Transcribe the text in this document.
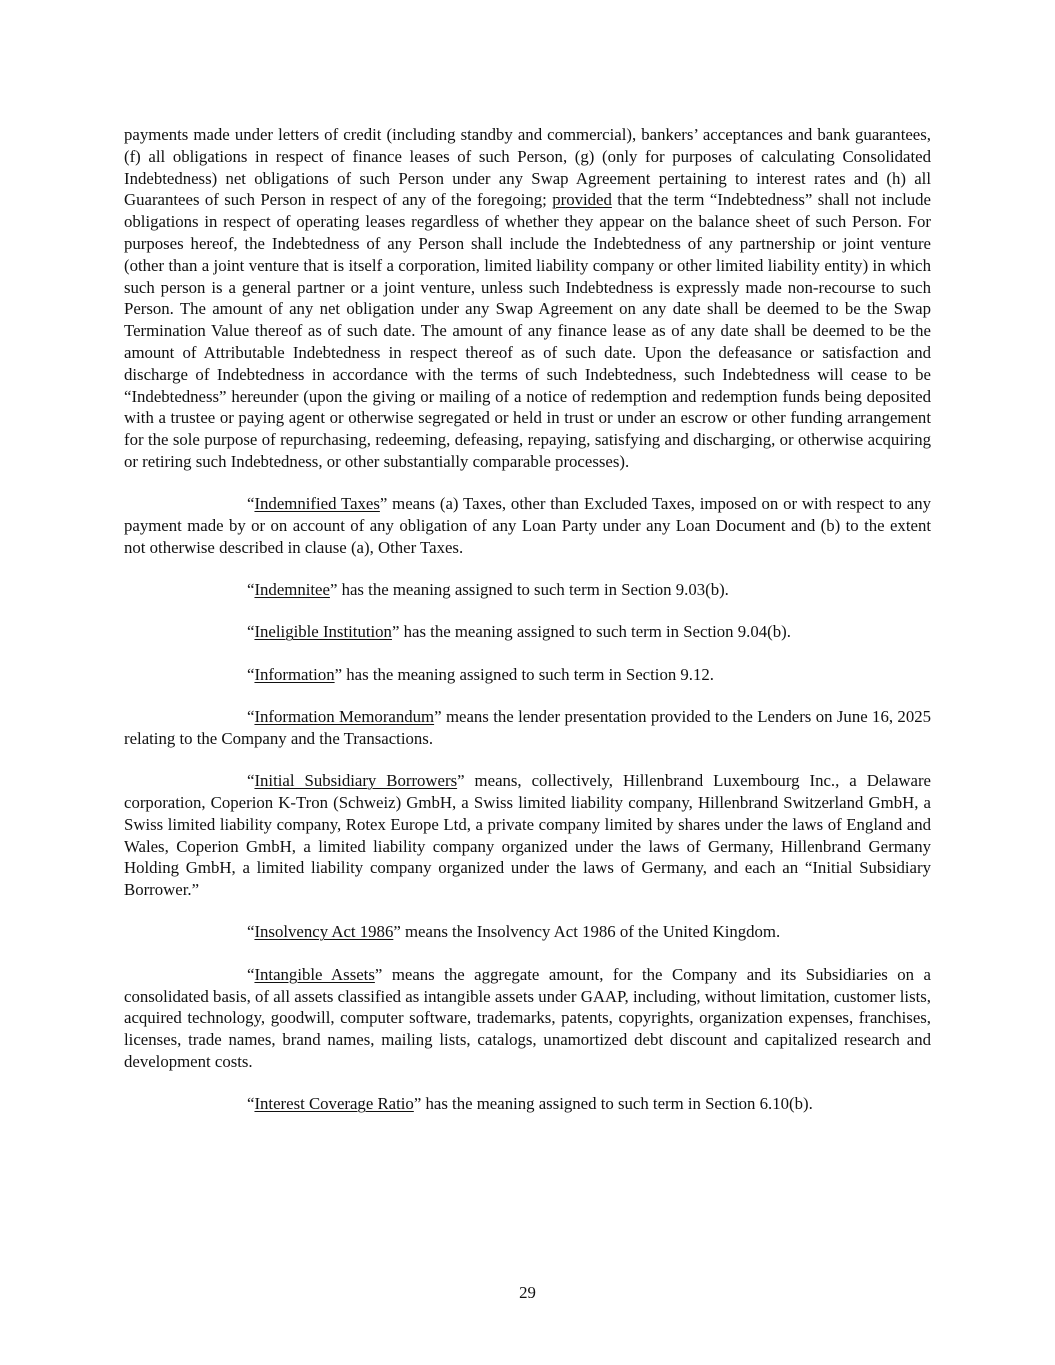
payments made under letters of credit (including standby and commercial), bankers’ acceptances and bank guarantees, (f) all obligations in respect of finance leases of such Person, (g) (only for purposes of calculating Consolidated Indebtedness) net obligations of such Person under any Swap Agreement pertaining to interest rates and (h) all Guarantees of such Person in respect of any of the foregoing; provided that the term “Indebtedness” shall not include obligations in respect of operating leases regardless of whether they appear on the balance sheet of such Person. For purposes hereof, the Indebtedness of any Person shall include the Indebtedness of any partnership or joint venture (other than a joint venture that is itself a corporation, limited liability company or other limited liability entity) in which such person is a general partner or a joint venture, unless such Indebtedness is expressly made non-recourse to such Person. The amount of any net obligation under any Swap Agreement on any date shall be deemed to be the Swap Termination Value thereof as of such date. The amount of any finance lease as of any date shall be deemed to be the amount of Attributable Indebtedness in respect thereof as of such date. Upon the defeasance or satisfaction and discharge of Indebtedness in accordance with the terms of such Indebtedness, such Indebtedness will cease to be “Indebtedness” hereunder (upon the giving or mailing of a notice of redemption and redemption funds being deposited with a trustee or paying agent or otherwise segregated or held in trust or under an escrow or other funding arrangement for the sole purpose of repurchasing, redeeming, defeasing, repaying, satisfying and discharging, or otherwise acquiring or retiring such Indebtedness, or other substantially comparable processes).

“Indemnified Taxes” means (a) Taxes, other than Excluded Taxes, imposed on or with respect to any payment made by or on account of any obligation of any Loan Party under any Loan Document and (b) to the extent not otherwise described in clause (a), Other Taxes.

“Indemnitee” has the meaning assigned to such term in Section 9.03(b).

“Ineligible Institution” has the meaning assigned to such term in Section 9.04(b).

“Information” has the meaning assigned to such term in Section 9.12.

“Information Memorandum” means the lender presentation provided to the Lenders on June 16, 2025 relating to the Company and the Transactions.

“Initial Subsidiary Borrowers” means, collectively, Hillenbrand Luxembourg Inc., a Delaware corporation, Coperion K-Tron (Schweiz) GmbH, a Swiss limited liability company, Hillenbrand Switzerland GmbH, a Swiss limited liability company, Rotex Europe Ltd, a private company limited by shares under the laws of England and Wales, Coperion GmbH, a limited liability company organized under the laws of Germany, Hillenbrand Germany Holding GmbH, a limited liability company organized under the laws of Germany, and each an “Initial Subsidiary Borrower.”

“Insolvency Act 1986” means the Insolvency Act 1986 of the United Kingdom.

“Intangible Assets” means the aggregate amount, for the Company and its Subsidiaries on a consolidated basis, of all assets classified as intangible assets under GAAP, including, without limitation, customer lists, acquired technology, goodwill, computer software, trademarks, patents, copyrights, organization expenses, franchises, licenses, trade names, brand names, mailing lists, catalogs, unamortized debt discount and capitalized research and development costs.

“Interest Coverage Ratio” has the meaning assigned to such term in Section 6.10(b).

29
